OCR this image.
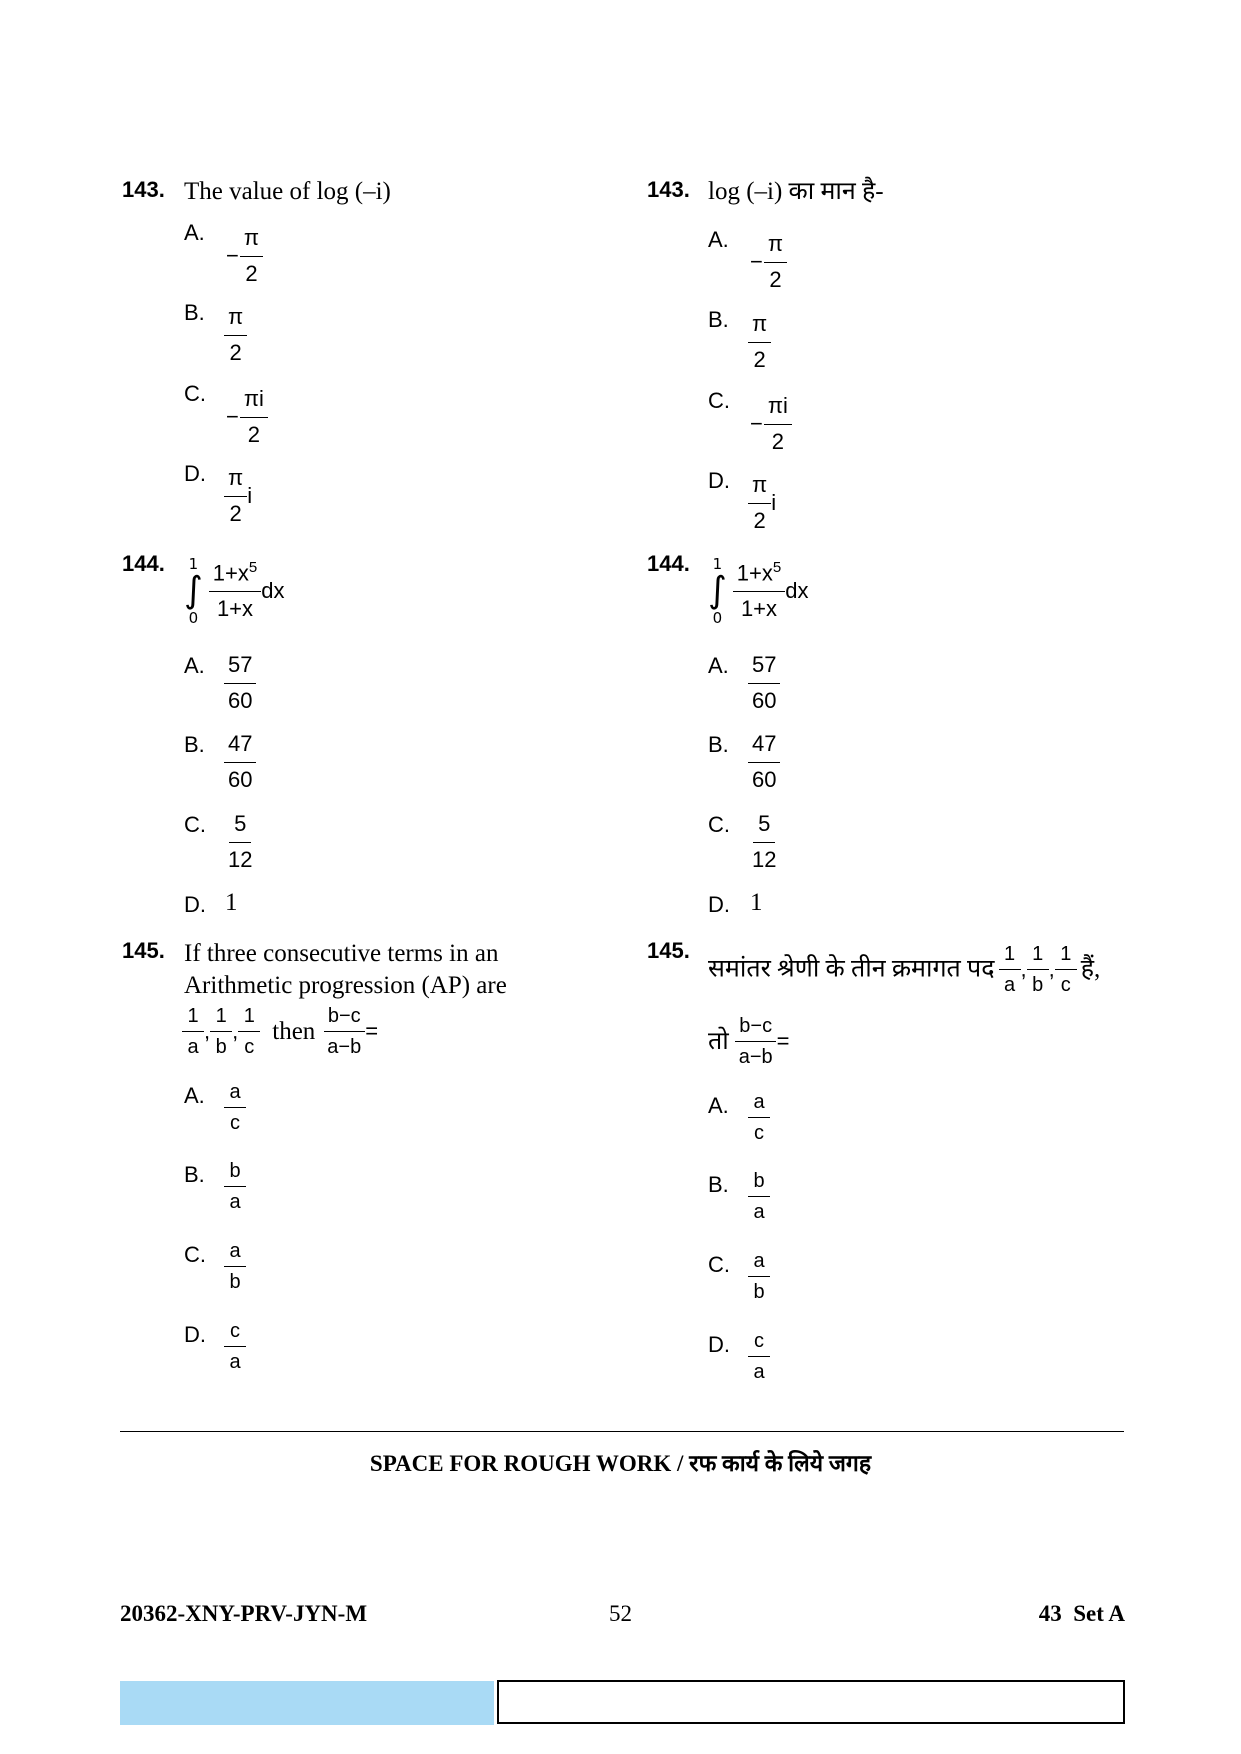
143. The value of log (–i)
A.
− $\frac{\pi}{2}$
B. $\frac{\pi}{2}$
C.
− $\frac{\pi i}{2}$
D. $\frac{\pi}{2}$ i
144. 1
∫
$0 \frac{1+x^5}{1+x}$ dx
A. $\frac{57}{60}$
B. $\frac{47}{60}$
C. $\frac{5}{12}$
D. 1
145. If three consecutive terms in an
Arithmetic progression (AP) are
$\frac{1}{a}$ , $\frac{1}{b}$ , $\frac{1}{c}$ then $\frac{b-c}{a-b}$ =
A. $\frac{a}{c}$
B. $\frac{b}{a}$
C. $\frac{a}{b}$
D. $\frac{c}{a}$
143. log (–i) का मान है-
A.
− $\frac{\pi}{2}$
B. $\frac{\pi}{2}$
C.
− $\frac{\pi i}{2}$
D. $\frac{\pi}{2}$ i
144. 1
∫
$0 \frac{1+x^5}{1+x}$ dx
A. $\frac{57}{60}$
B. $\frac{47}{60}$
C. $\frac{5}{12}$
D. 1
145.
समांतर श्रेणी के तीन क्रमागत पद $\frac{1}{a}$ , $\frac{1}{b}$ , $\frac{1}{c}$ हैं,
तो $\frac{b-c}{a-b}$ =
A. $\frac{a}{c}$
B. $\frac{b}{a}$
C. $\frac{a}{b}$
D. $\frac{c}{a}$
SPACE FOR ROUGH WORK / रफ कार्य के लिये जगह
20362-XNY-PRV-JYN-M	52	43  Set A
